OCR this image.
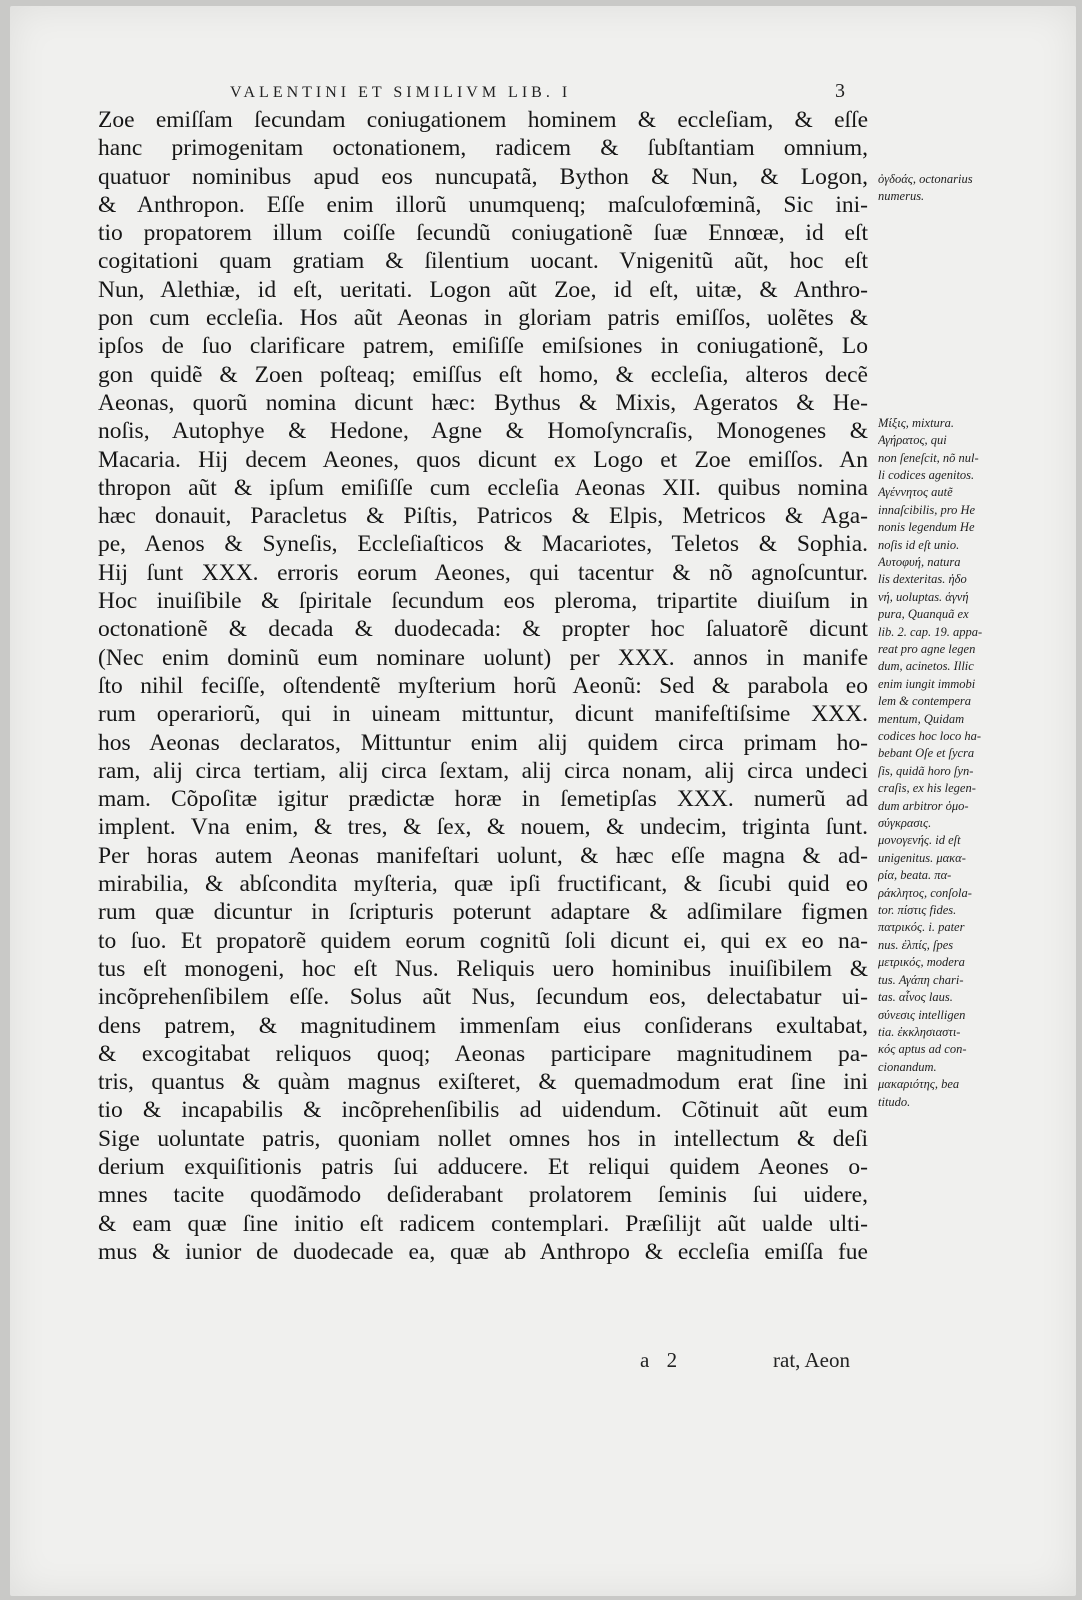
VALENTINI ET SIMILIVM LIB. I	3
Zoe emiſſam ſecundam coniugationem hominem & eccleſiam, & eſſe
hanc primogenitam octonationem, radicem & ſubſtantiam omnium,
quatuor nominibus apud eos nuncupatã, Bython & Nun, & Logon,
& Anthropon. Eſſe enim illorũ unumquenq; maſculofœminã, Sic ini-
tio propatorem illum coiſſe ſecundũ coniugationẽ ſuæ Ennœæ, id eſt
cogitationi quam gratiam & ſilentium uocant. Vnigenitũ aũt, hoc eſt
Nun, Alethiæ, id eſt, ueritati. Logon aũt Zoe, id eſt, uitæ, & Anthro-
pon cum eccleſia. Hos aũt Aeonas in gloriam patris emiſſos, uolẽtes &
ipſos de ſuo clarificare patrem, emiſiſſe emiſsiones in coniugationẽ, Lo
gon quidẽ & Zoen poſteaq; emiſſus eſt homo, & eccleſia, alteros decẽ
Aeonas, quorũ nomina dicunt hæc: Bythus & Mixis, Ageratos & He-
noſis, Autophye & Hedone, Agne & Homoſyncraſis, Monogenes &
Macaria. Hij decem Aeones, quos dicunt ex Logo et Zoe emiſſos. An
thropon aũt & ipſum emiſiſſe cum eccleſia Aeonas XII. quibus nomina
hæc donauit, Paracletus & Piſtis, Patricos & Elpis, Metricos & Aga-
pe, Aenos & Syneſis, Eccleſiaſticos & Macariotes, Teletos & Sophia.
Hij ſunt XXX. erroris eorum Aeones, qui tacentur & nõ agnoſcuntur.
Hoc inuiſibile & ſpiritale ſecundum eos pleroma, tripartite diuiſum in
octonationẽ & decada & duodecada: & propter hoc ſaluatorẽ dicunt
(Nec enim dominũ eum nominare uolunt) per XXX. annos in manife
ſto nihil feciſſe, oſtendentẽ myſterium horũ Aeonũ: Sed & parabola eo
rum operariorũ, qui in uineam mittuntur, dicunt manifeſtiſsime XXX.
hos Aeonas declaratos, Mittuntur enim alij quidem circa primam ho-
ram, alij circa tertiam, alij circa ſextam, alij circa nonam, alij circa undeci
mam. Cõpoſitæ igitur prædictæ horæ in ſemetipſas XXX. numerũ ad
implent. Vna enim, & tres, & ſex, & nouem, & undecim, triginta ſunt.
Per horas autem Aeonas manifeſtari uolunt, & hæc eſſe magna & ad-
mirabilia, & abſcondita myſteria, quæ ipſi fructificant, & ſicubi quid eo
rum quæ dicuntur in ſcripturis poterunt adaptare & adſimilare figmen
to ſuo. Et propatorẽ quidem eorum cognitũ ſoli dicunt ei, qui ex eo na-
tus eſt monogeni, hoc eſt Nus. Reliquis uero hominibus inuiſibilem &
incõprehenſibilem eſſe. Solus aũt Nus, ſecundum eos, delectabatur ui-
dens patrem, & magnitudinem immenſam eius conſiderans exultabat,
& excogitabat reliquos quoq; Aeonas participare magnitudinem pa-
tris, quantus & quàm magnus exiſteret, & quemadmodum erat ſine ini
tio & incapabilis & incõprehenſibilis ad uidendum. Cõtinuit aũt eum
Sige uoluntate patris, quoniam nollet omnes hos in intellectum & deſi
derium exquiſitionis patris ſui adducere. Et reliqui quidem Aeones o-
mnes tacite quodãmodo deſiderabant prolatorem ſeminis ſui uidere,
& eam quæ ſine initio eſt radicem contemplari. Præſilijt aũt ualde ulti-
mus & iunior de duodecade ea, quæ ab Anthropo & eccleſia emiſſa fue
ὀγδοάς, octonarius
numerus.

Μίξις, mixtura.
Αγήρατος, qui
non ſeneſcit, nõ nul-
li codices agenitos.
Αγέννητος autẽ
innaſcibilis, pro He
nonis legendum He
noſis id eſt unio.
Αυτοφυή, natura
lis dexteritas. ἡδο
νή, uoluptas. ἁγνή
pura, Quanquã ex
lib. 2. cap. 19. appa-
reat pro agne legen
dum, acinetos. Illic
enim iungit immobi
lem & contempera
mentum, Quidam
codices hoc loco ha-
bebant Oſe et ſycra
ſis, quidã horo ſyn-
craſis, ex his legen-
dum arbitror ὁμο-
σύγκρασις.
μονογενής. id eſt
unigenitus. μακα-
ρία, beata. πα-
ράκλητος, conſola-
tor. πίστις fides.
πατρικός. i. pater
nus. ἐλπίς, ſpes
μετρικός, modera
tus. Αγάπη chari-
tas. αἶνος laus.
σύνεσις intelligen
tia. ἐκκλησιαστι-
κός aptus ad con-
cionandum.
μακαριότης, bea
titudo.
a 2	rat, Aeon
